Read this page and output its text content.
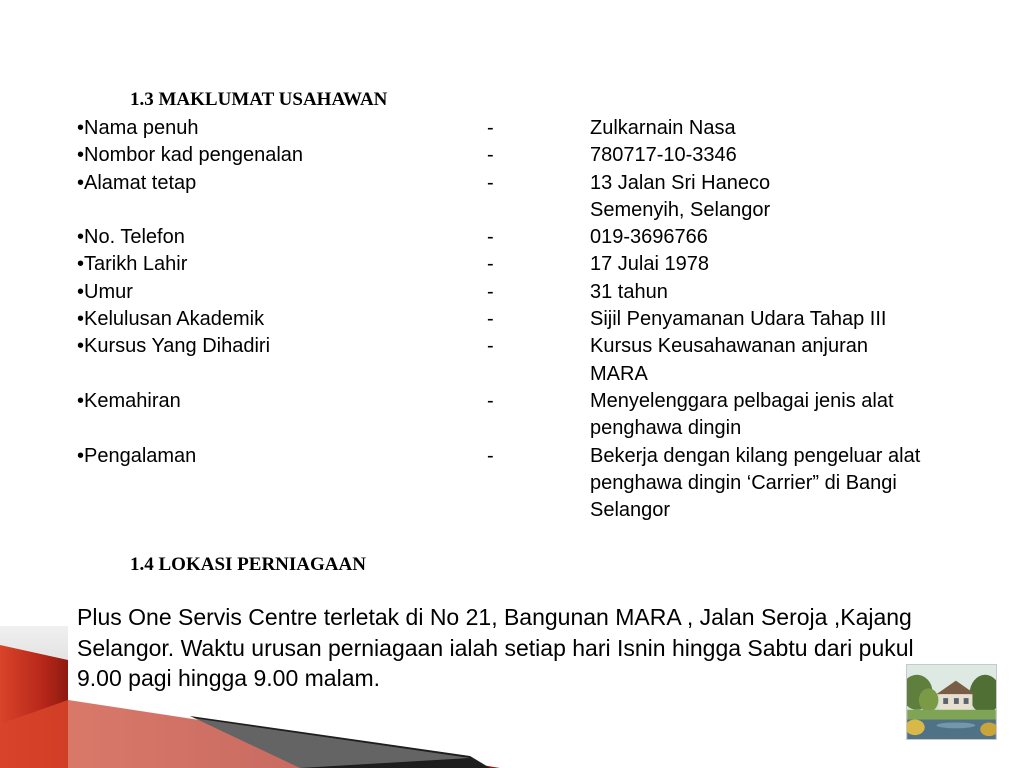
1.3 MAKLUMAT USAHAWAN
•Nama penuh	-	Zulkarnain Nasa
•Nombor kad pengenalan	-	780717-10-3346
•Alamat tetap	-	13 Jalan Sri Haneco
Semenyih, Selangor
•No. Telefon	-	019-3696766
•Tarikh Lahir	-	17 Julai 1978
•Umur	-	31 tahun
•Kelulusan Akademik	-	Sijil Penyamanan Udara Tahap III
•Kursus Yang Dihadiri	-	Kursus Keusahawanan anjuran
MARA
•Kemahiran	-	Menyelenggara pelbagai jenis alat
penghawa dingin
•Pengalaman	-	Bekerja dengan kilang pengeluar alat
penghawa dingin ‘Carrier” di Bangi
Selangor
1.4 LOKASI PERNIAGAAN

Plus One Servis Centre terletak di No 21, Bangunan MARA , Jalan Seroja ,Kajang Selangor. Waktu urusan perniagaan ialah setiap hari Isnin hingga Sabtu dari pukul 9.00 pagi hingga 9.00 malam.
